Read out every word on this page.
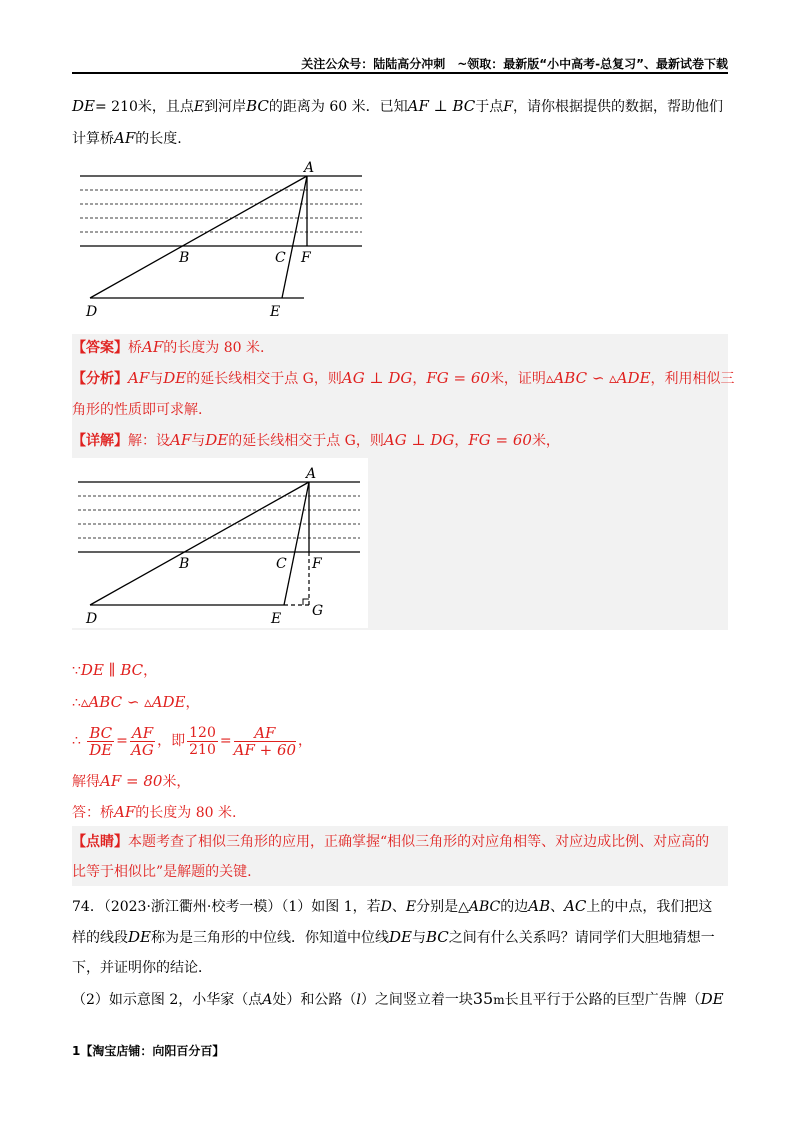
关注公众号：陆陆高分冲刺　~领取：最新版“小中高考-总复习”、最新试卷下载
DE= 210米，且点E到河岸BC的距离为 60 米．已知AF ⊥ BC于点F，请你根据提供的数据，帮助他们
计算桥AF的长度.
A
B	C F
D	E
【答案】桥AF的长度为 80 米.
【分析】AF与DE的延长线相交于点 G，则AG ⊥ DG，FG = 60米，证明▵ABC ∽ ▵ADE，利用相似三
角形的性质即可求解.
【详解】解：设AF与DE的延长线相交于点 G，则AG ⊥ DG，FG = 60米，
A
B	C F
D	E G
∵DE ∥ BC，
∴▵ABC ∽ ▵ADE，
∴ $\frac{BC}{DE} = \frac{AF}{AG}$ ，即 $\frac{120}{210} = \frac{AF}{AF + 60}$ ，
解得AF = 80米，
答：桥AF的长度为 80 米.
【点睛】本题考查了相似三角形的应用，正确掌握“相似三角形的对应角相等、对应边成比例、对应高的
比等于相似比”是解题的关键.
74．（2023·浙江衢州·校考一模）（1）如图 1，若D、E分别是△ABC的边AB、AC上的中点，我们把这
样的线段DE称为是三角形的中位线．你知道中位线DE与BC之间有什么关系吗？请同学们大胆地猜想一
下，并证明你的结论．
（2）如示意图 2，小华家（点A处）和公路（l）之间竖立着一块35m长且平行于公路的巨型广告牌（DE
1【淘宝店铺：向阳百分百】
